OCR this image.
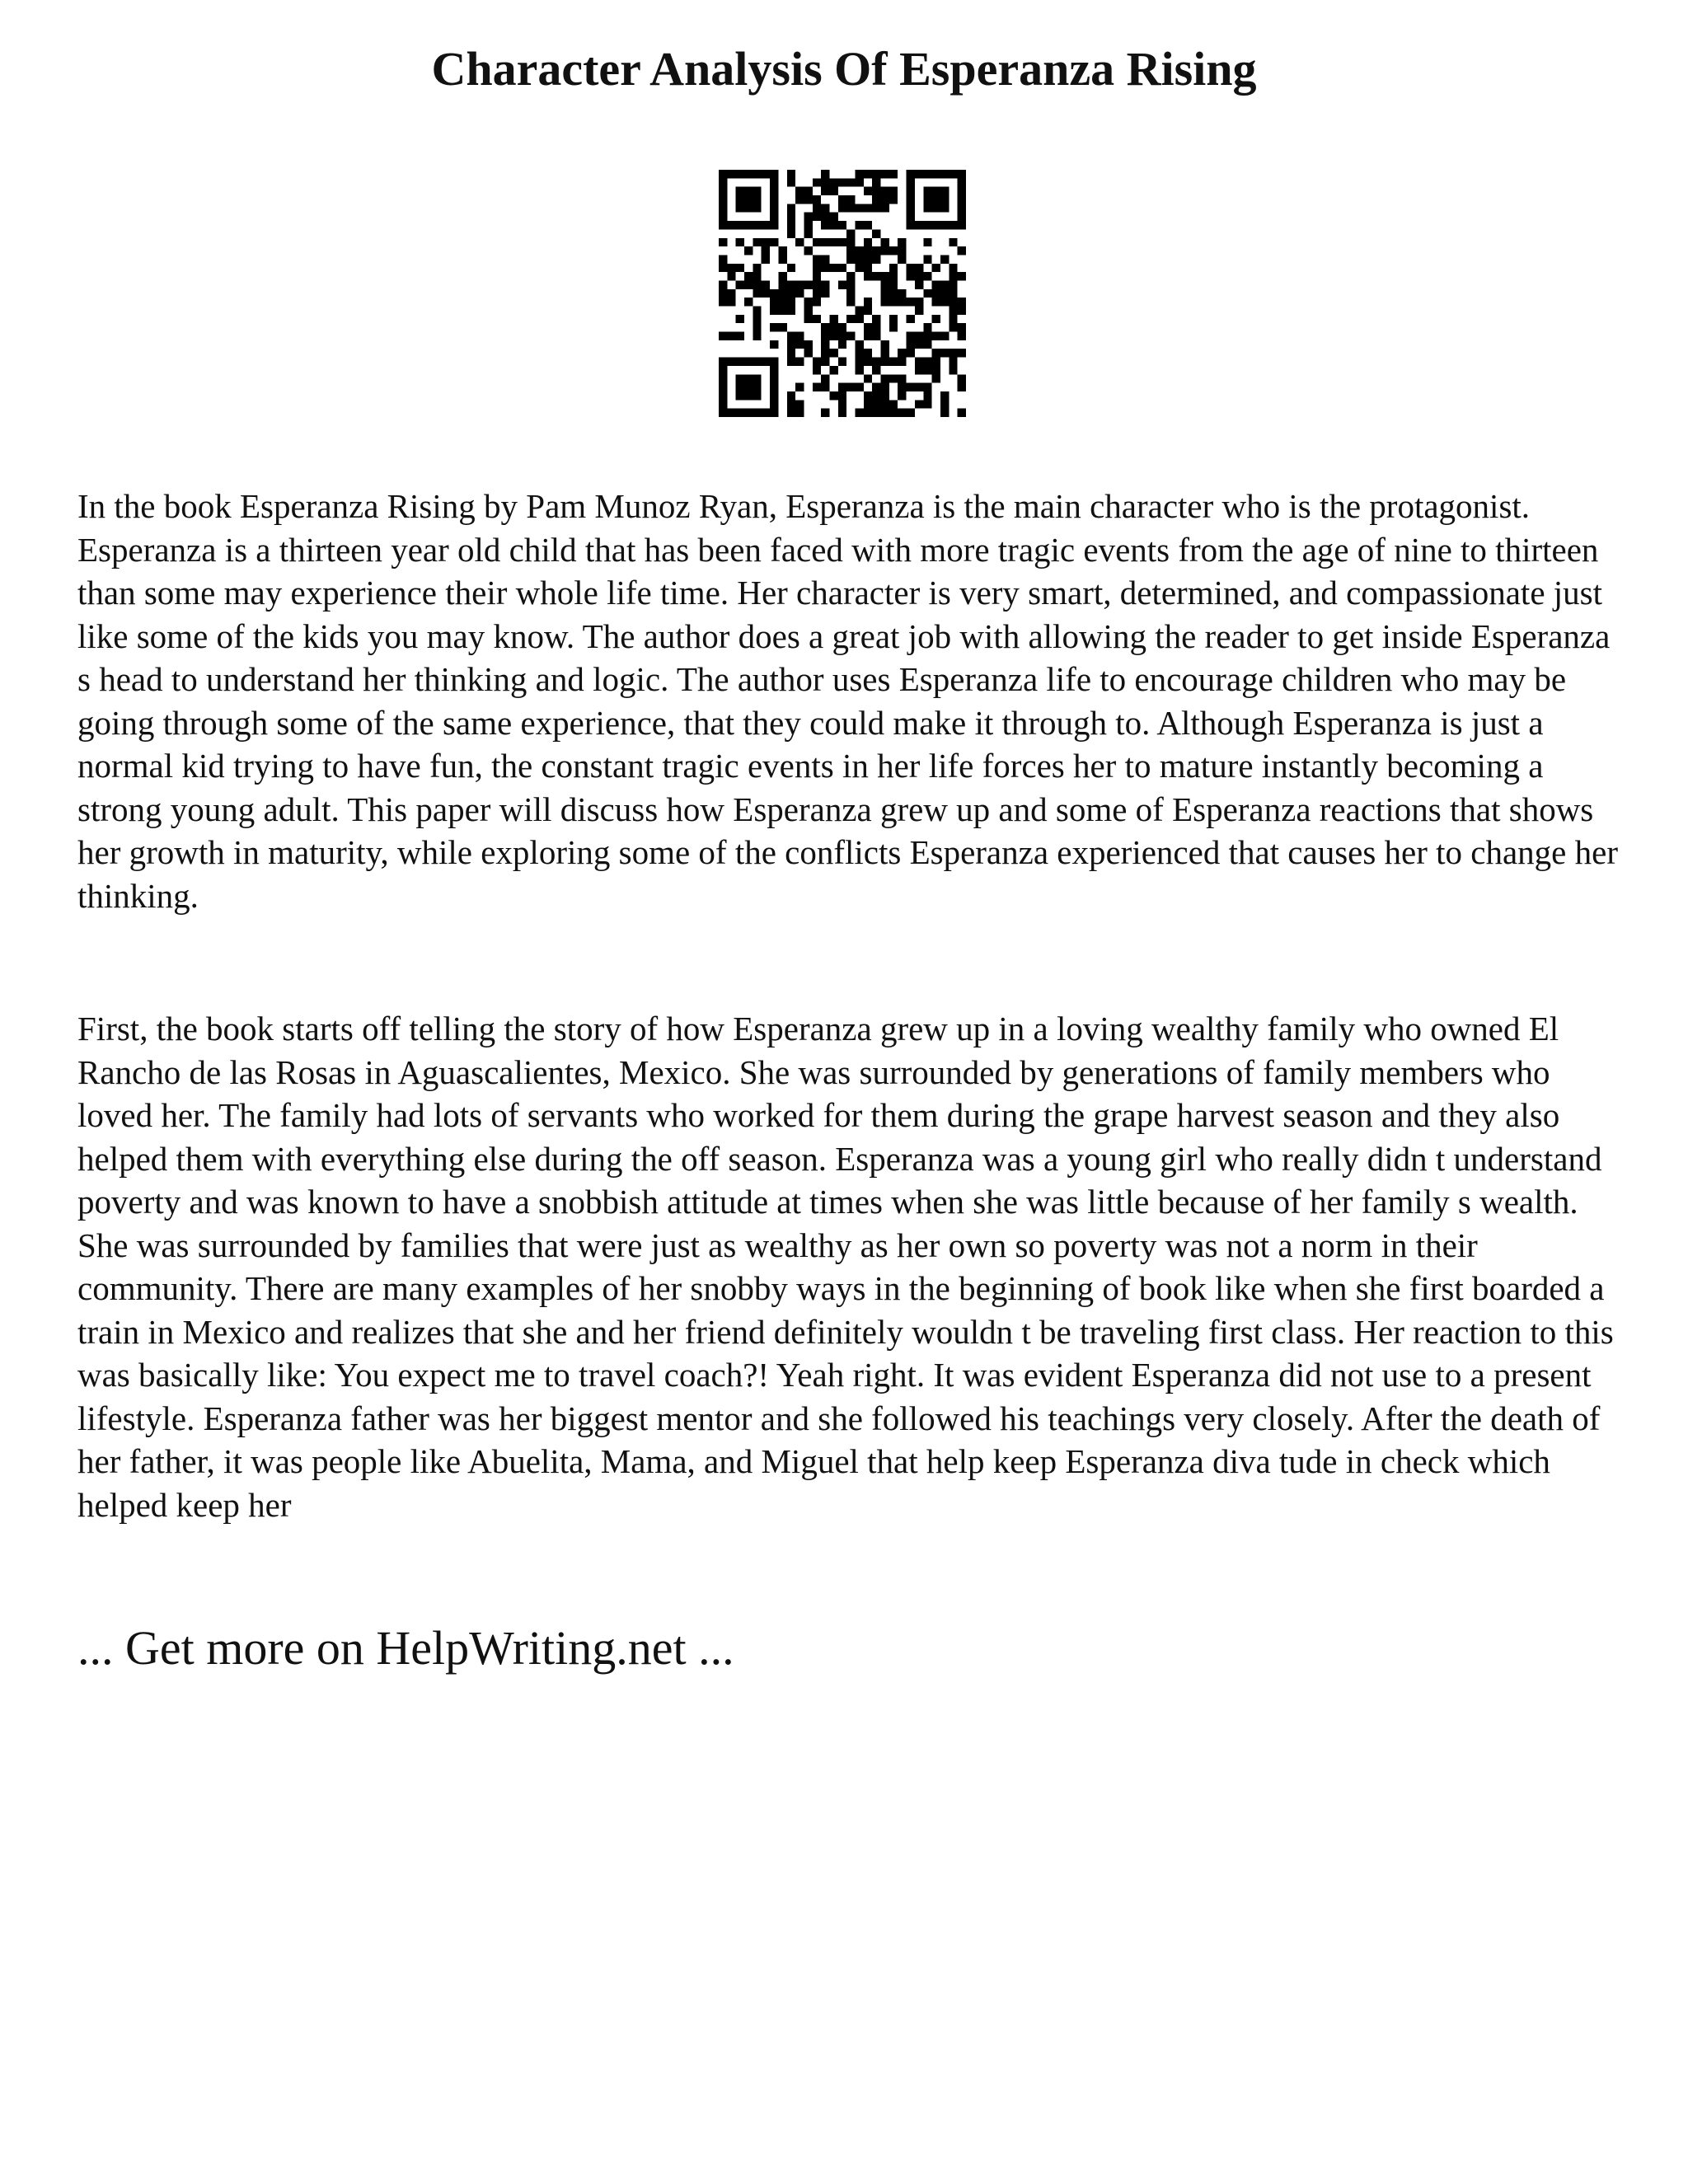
Character Analysis Of Esperanza Rising

In the book Esperanza Rising by Pam Munoz Ryan, Esperanza is the main character who is the protagonist. Esperanza is a thirteen year old child that has been faced with more tragic events from the age of nine to thirteen than some may experience their whole life time. Her character is very smart, determined, and compassionate just like some of the kids you may know. The author does a great job with allowing the reader to get inside Esperanza s head to understand her thinking and logic. The author uses Esperanza life to encourage children who may be going through some of the same experience, that they could make it through to. Although Esperanza is just a normal kid trying to have fun, the constant tragic events in her life forces her to mature instantly becoming a strong young adult. This paper will discuss how Esperanza grew up and some of Esperanza reactions that shows her growth in maturity, while exploring some of the conflicts Esperanza experienced that causes her to change her thinking.

First, the book starts off telling the story of how Esperanza grew up in a loving wealthy family who owned El Rancho de las Rosas in Aguascalientes, Mexico. She was surrounded by generations of family members who loved her. The family had lots of servants who worked for them during the grape harvest season and they also helped them with everything else during the off season. Esperanza was a young girl who really didn t understand poverty and was known to have a snobbish attitude at times when she was little because of her family s wealth. She was surrounded by families that were just as wealthy as her own so poverty was not a norm in their community. There are many examples of her snobby ways in the beginning of book like when she first boarded a train in Mexico and realizes that she and her friend definitely wouldn t be traveling first class. Her reaction to this was basically like: You expect me to travel coach?! Yeah right. It was evident Esperanza did not use to a present lifestyle. Esperanza father was her biggest mentor and she followed his teachings very closely. After the death of her father, it was people like Abuelita, Mama, and Miguel that help keep Esperanza diva tude in check which helped keep her

... Get more on HelpWriting.net ...
